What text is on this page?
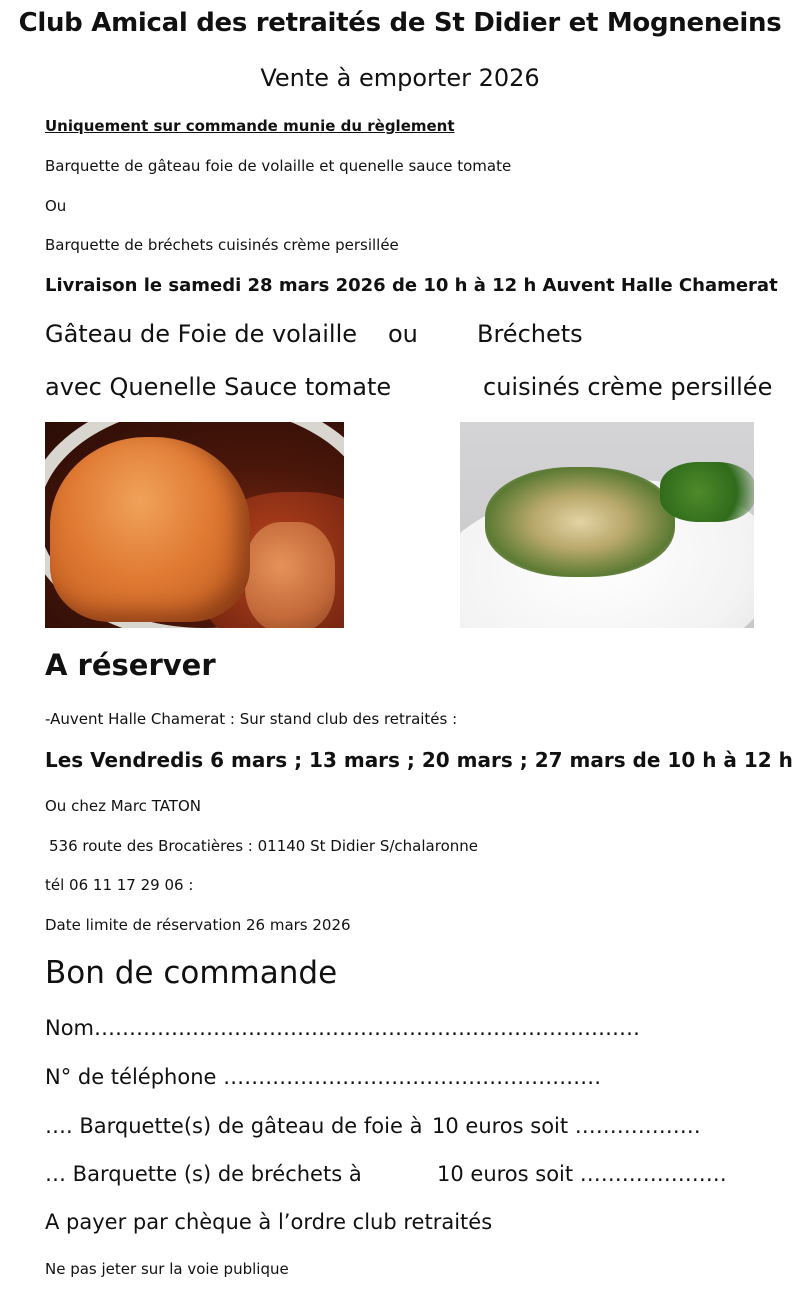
Club Amical des retraités de St Didier et Mogneneins
Vente à emporter 2026
Uniquement sur commande munie du règlement
Barquette de gâteau foie de volaille et quenelle sauce tomate
Ou
Barquette de bréchets cuisinés crème persillée
Livraison le samedi 28 mars 2026 de 10 h à 12 h Auvent Halle Chamerat
Gâteau de Foie de volaille ou Bréchets
avec Quenelle Sauce tomate	cuisinés crème persillée
A réserver
-Auvent Halle Chamerat : Sur stand club des retraités :
Les Vendredis 6 mars ; 13 mars ; 20 mars ; 27 mars de 10 h à 12 h
Ou chez Marc TATON
536 route des Brocatières : 01140 St Didier S/chalaronne
tél 06 11 17 29 06 :
Date limite de réservation 26 mars 2026
Bon de commande
Nom……………………………………………………………………
N° de téléphone ………………………………………………
…. Barquette(s) de gâteau de foie à 10 euros soit ………………
… Barquette (s) de bréchets à	10 euros soit …………………
A payer par chèque à l’ordre club retraités
Ne pas jeter sur la voie publique
